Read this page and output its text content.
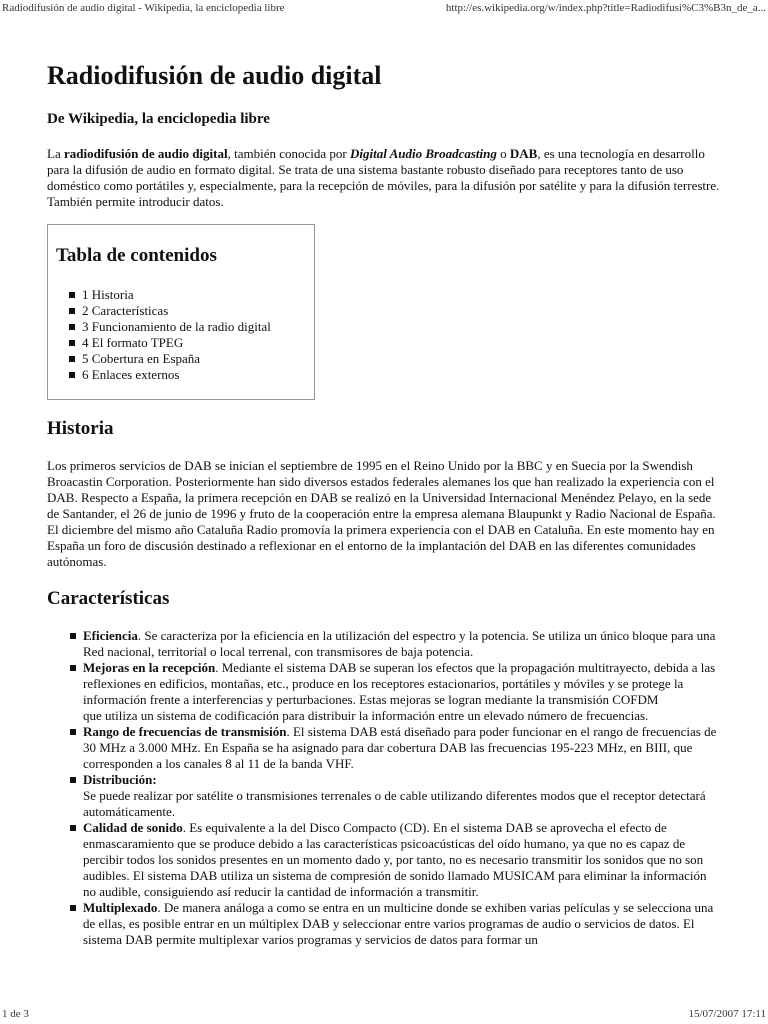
Radiodifusión de audio digital - Wikipedia, la enciclopedia libre	http://es.wikipedia.org/w/index.php?title=Radiodifusi%C3%B3n_de_a...
Radiodifusión de audio digital
De Wikipedia, la enciclopedia libre

La radiodifusión de audio digital, también conocida por Digital Audio Broadcasting o DAB, es una tecnología en desarrollo para la difusión de audio en formato digital. Se trata de una sistema bastante robusto diseñado para receptores tanto de uso doméstico como portátiles y, especialmente, para la recepción de móviles, para la difusión por satélite y para la difusión terrestre. También permite introducir datos.

Tabla de contenidos
1 Historia
2 Características
3 Funcionamiento de la radio digital
4 El formato TPEG
5 Cobertura en España
6 Enlaces externos
Historia

Los primeros servicios de DAB se inician el septiembre de 1995 en el Reino Unido por la BBC y en Suecia por la Swendish Broacastin Corporation. Posteriormente han sido diversos estados federales alemanes los que han realizado la experiencia con el DAB. Respecto a España, la primera recepción en DAB se realizó en la Universidad Internacional Menéndez Pelayo, en la sede de Santander, el 26 de junio de 1996 y fruto de la cooperación entre la empresa alemana Blaupunkt y Radio Nacional de España. El diciembre del mismo año Cataluña Radio promovía la primera experiencia con el DAB en Cataluña. En este momento hay en España un foro de discusión destinado a reflexionar en el entorno de la implantación del DAB en las diferentes comunidades autónomas.

Características
Eficiencia. Se caracteriza por la eficiencia en la utilización del espectro y la potencia. Se utiliza un único bloque para una Red nacional, territorial o local terrenal, con transmisores de baja potencia.
Mejoras en la recepción. Mediante el sistema DAB se superan los efectos que la propagación multitrayecto, debida a las reflexiones en edificios, montañas, etc., produce en los receptores estacionarios, portátiles y móviles y se protege la información frente a interferencias y perturbaciones. Estas mejoras se logran mediante la transmisión COFDM
que utiliza un sistema de codificación para distribuir la información entre un elevado número de frecuencias.
Rango de frecuencias de transmisión. El sistema DAB está diseñado para poder funcionar en el rango de frecuencias de 30 MHz a 3.000 MHz. En España se ha asignado para dar cobertura DAB las frecuencias 195-223 MHz, en BIII, que corresponden a los canales 8 al 11 de la banda VHF.
Distribución:
Se puede realizar por satélite o transmisiones terrenales o de cable utilizando diferentes modos que el receptor detectará automáticamente.
Calidad de sonido. Es equivalente a la del Disco Compacto (CD). En el sistema DAB se aprovecha el efecto de enmascaramiento que se produce debido a las características psicoacústicas del oído humano, ya que no es capaz de percibir todos los sonidos presentes en un momento dado y, por tanto, no es necesario transmitir los sonidos que no son audibles. El sistema DAB utiliza un sistema de compresión de sonido llamado MUSICAM para eliminar la información no audible, consiguiendo así reducir la cantidad de información a transmitir.
Multiplexado. De manera análoga a como se entra en un multicine donde se exhiben varias películas y se selecciona una de ellas, es posible entrar en un múltiplex DAB y seleccionar entre varios programas de audio o servicios de datos. El sistema DAB permite multiplexar varios programas y servicios de datos para formar un
1 de 3	15/07/2007 17:11
